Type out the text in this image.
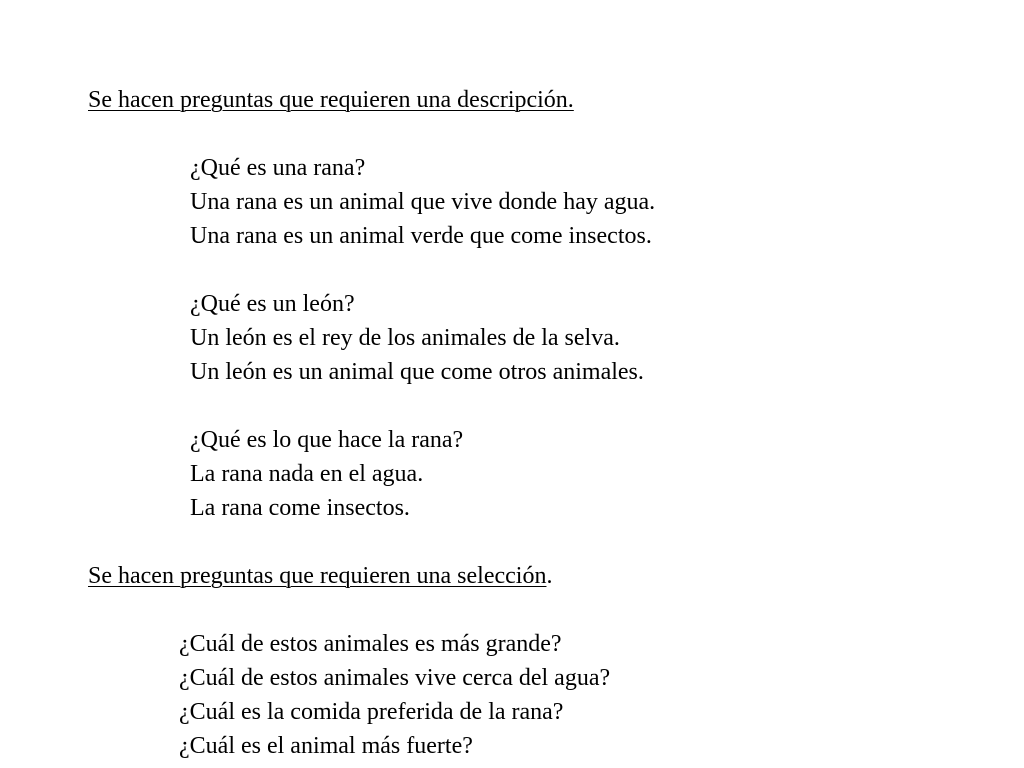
Se hacen preguntas que requieren una descripción.

¿Qué es una rana?

Una rana es un animal que vive donde hay agua.

Una rana es un animal verde que come insectos.

¿Qué es un león?

Un león es el rey de los animales de la selva.

Un león es un animal que come otros animales.

¿Qué es lo que hace la rana?

La rana nada en el agua.

La rana come insectos.

Se hacen preguntas que requieren una selección.

¿Cuál de estos animales es más grande?

¿Cuál de estos animales vive cerca del agua?

¿Cuál es la comida preferida de la rana?

¿Cuál es el animal más fuerte?
